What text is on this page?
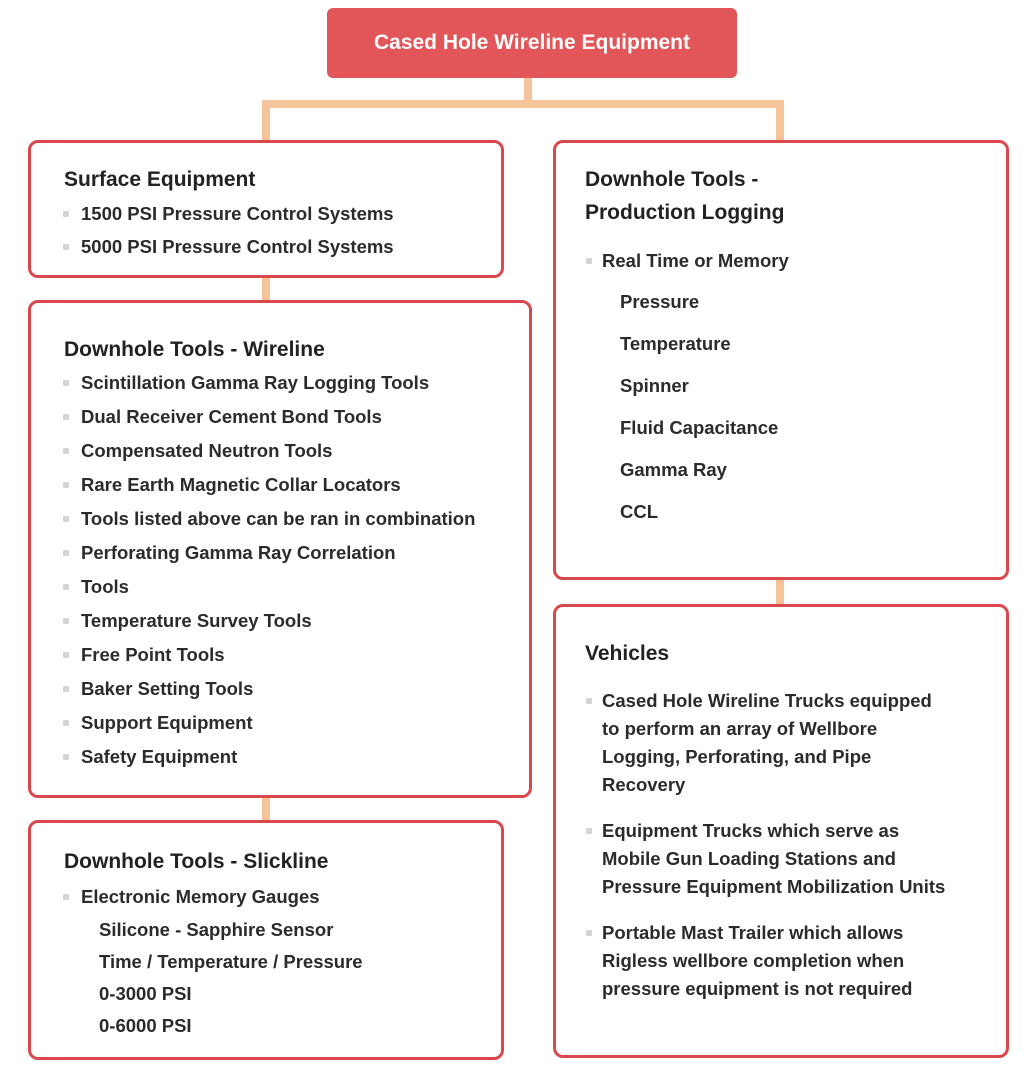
Cased Hole Wireline Equipment
Surface Equipment
1500 PSI Pressure Control Systems
5000 PSI Pressure Control Systems
Downhole Tools - Wireline
Scintillation Gamma Ray Logging Tools
Dual Receiver Cement Bond Tools
Compensated Neutron Tools
Rare Earth Magnetic Collar Locators
Tools listed above can be ran in combination
Perforating Gamma Ray Correlation
Tools
Temperature Survey Tools
Free Point Tools
Baker Setting Tools
Support Equipment
Safety Equipment
Downhole Tools - Slickline
Electronic Memory Gauges
Silicone - Sapphire Sensor
Time / Temperature / Pressure
0-3000 PSI
0-6000 PSI
Downhole Tools -
Production Logging
Real Time or Memory
Pressure
Temperature
Spinner
Fluid Capacitance
Gamma Ray
CCL
Vehicles
Cased Hole Wireline Trucks equipped
to perform an array of Wellbore
Logging, Perforating, and Pipe
Recovery
Equipment Trucks which serve as
Mobile Gun Loading Stations and
Pressure Equipment Mobilization Units
Portable Mast Trailer which allows
Rigless wellbore completion when
pressure equipment is not required
